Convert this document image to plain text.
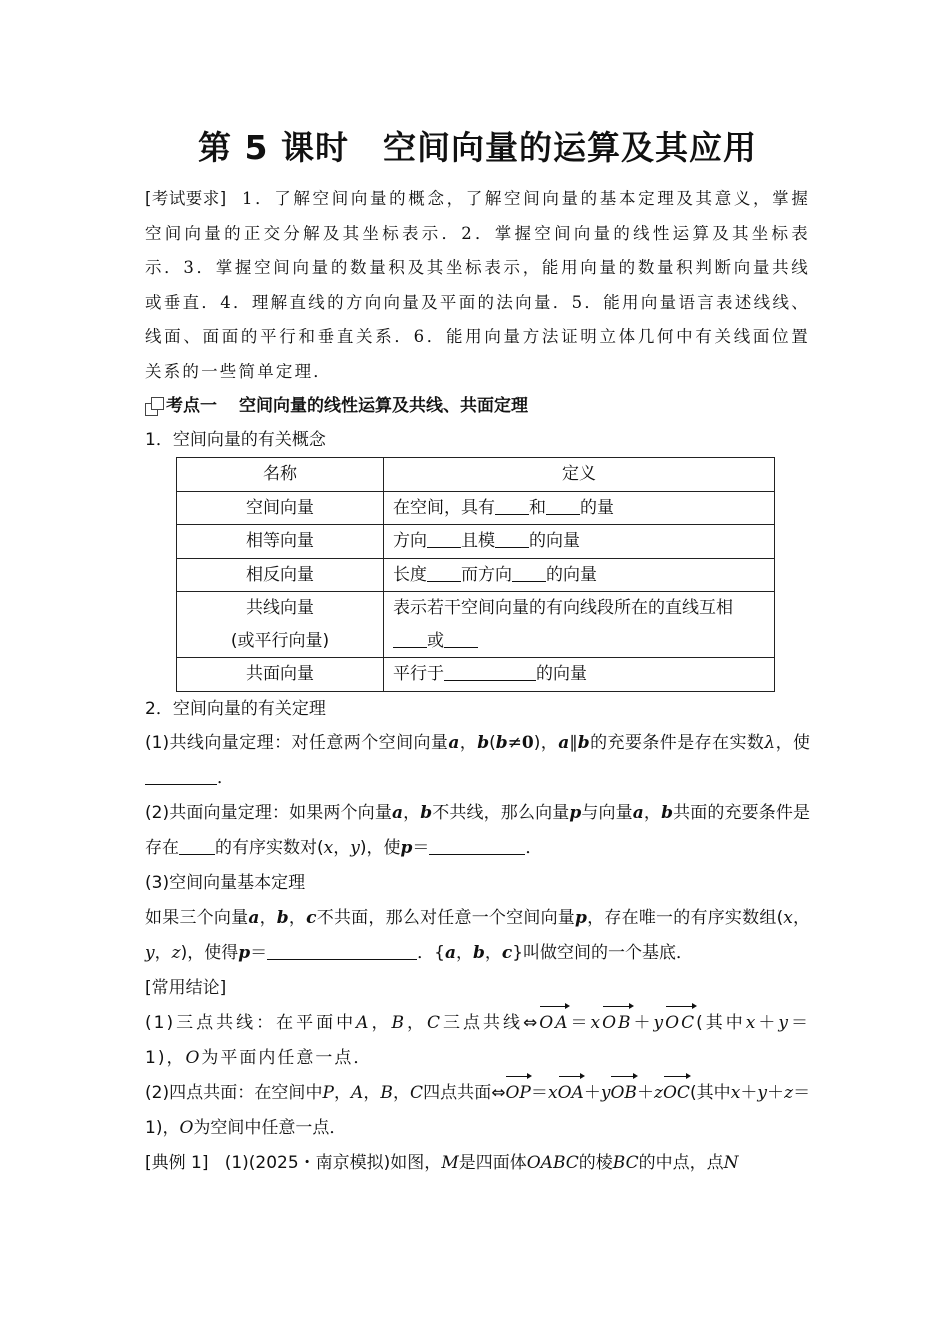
第 5 课时　空间向量的运算及其应用
[考试要求] 1．了解空间向量的概念，了解空间向量的基本定理及其意义，掌握空间向量的正交分解及其坐标表示．2．掌握空间向量的线性运算及其坐标表示．3．掌握空间向量的数量积及其坐标表示，能用向量的数量积判断向量共线或垂直．4．理解直线的方向向量及平面的法向量．5．能用向量语言表述线线、线面、面面的平行和垂直关系．6．能用向量方法证明立体几何中有关线面位置关系的一些简单定理．
考点一 空间向量的线性运算及共线、共面定理
1．空间向量的有关概念
名称	定义
空间向量	在空间，具有 和 的量
相等向量	方向 且模 的向量
相反向量	长度 而方向 的向量
共线向量
(或平行向量)	表示若干空间向量的有向线段所在的直线互相或
共面向量	平行于 的向量
2．空间向量的有关定理
(1)共线向量定理：对任意两个空间向量a，b(b≠0)，a∥b的充要条件是存在实数λ，使．
(2)共面向量定理：如果两个向量a，b不共线，那么向量p与向量a，b共面的充要条件是存在 的有序实数对(x，y)，使p＝	．
(3)空间向量基本定理
如果三个向量a，b，c不共面，那么对任意一个空间向量p，存在唯一的有序实数组(x，y，z)，使得p＝	．{a，b，c}叫做空间的一个基底．
[常用结论]
(1)三点共线：在平面中A，B，C三点共线⇔OA＝xOB＋yOC(其中x＋y＝1)，O为平面内任意一点．
(2)四点共面：在空间中P，A，B，C四点共面⇔OP＝xOA＋yOB＋zOC(其中x＋y＋z＝1)，O为空间中任意一点．
[典例 1] (1)(2025・南京模拟)如图，M是四面体OABC的棱BC的中点，点N
